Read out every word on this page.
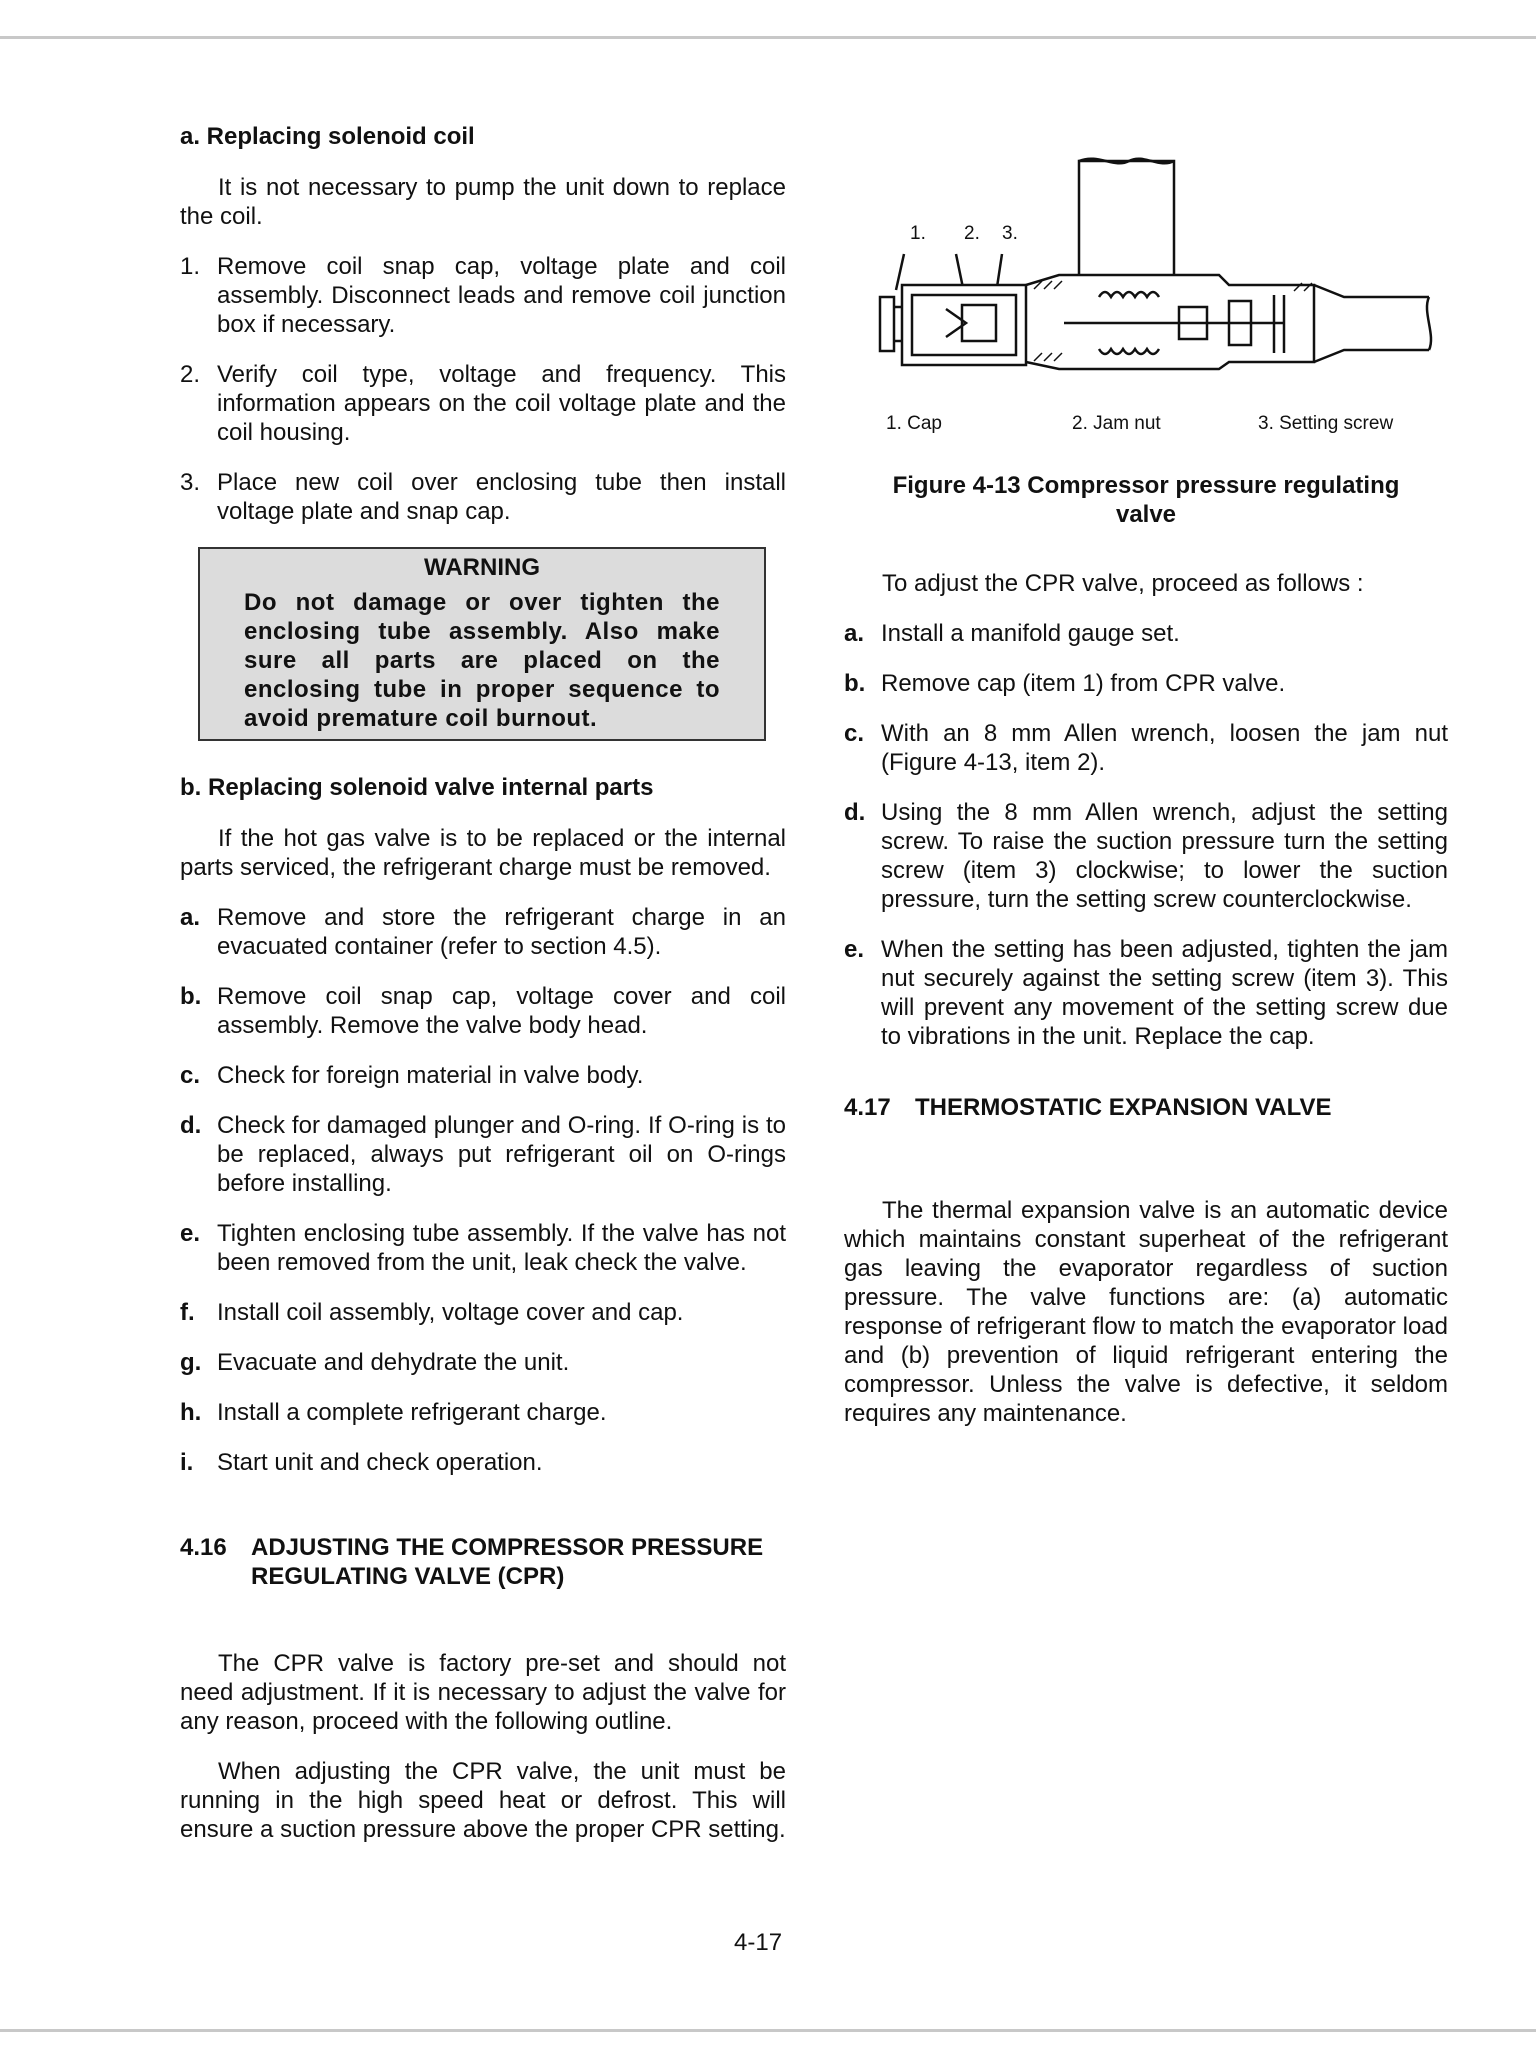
a. Replacing solenoid coil

It is not necessary to pump the unit down to replace the coil.

1. Remove coil snap cap, voltage plate and coil assembly. Disconnect leads and remove coil junction box if necessary.
2. Verify coil type, voltage and frequency. This information appears on the coil voltage plate and the coil housing.
3. Place new coil over enclosing tube then install voltage plate and snap cap.
WARNING
Do not damage or over tighten the enclosing tube assembly. Also make sure all parts are placed on the enclosing tube in proper sequence to avoid premature coil burnout.
b. Replacing solenoid valve internal parts

If the hot gas valve is to be replaced or the internal parts serviced, the refrigerant charge must be removed.

a. Remove and store the refrigerant charge in an evacuated container (refer to section 4.5).
b. Remove coil snap cap, voltage cover and coil assembly. Remove the valve body head.
c. Check for foreign material in valve body.
d. Check for damaged plunger and O-ring. If O-ring is to be replaced, always put refrigerant oil on O-rings before installing.
e. Tighten enclosing tube assembly. If the valve has not been removed from the unit, leak check the valve.
f. Install coil assembly, voltage cover and cap.
g. Evacuate and dehydrate the unit.
h. Install a complete refrigerant charge.
i. Start unit and check operation.
4.16	ADJUSTING THE COMPRESSOR PRESSURE REGULATING VALVE (CPR)

The CPR valve is factory pre-set and should not need adjustment. If it is necessary to adjust the valve for any reason, proceed with the following outline.

When adjusting the CPR valve, the unit must be running in the high speed heat or defrost. This will ensure a suction pressure above the proper CPR setting.

1. 2. 3.
1. Cap	2. Jam nut	3. Setting screw
Figure 4-13 Compressor pressure regulating valve

To adjust the CPR valve, proceed as follows :

a. Install a manifold gauge set.
b. Remove cap (item 1) from CPR valve.
c. With an 8 mm Allen wrench, loosen the jam nut (Figure 4-13, item 2).
d. Using the 8 mm Allen wrench, adjust the setting screw. To raise the suction pressure turn the setting screw (item 3) clockwise; to lower the suction pressure, turn the setting screw counterclockwise.
e. When the setting has been adjusted, tighten the jam nut securely against the setting screw (item 3). This will prevent any movement of the setting screw due to vibrations in the unit. Replace the cap.
4.17	THERMOSTATIC EXPANSION VALVE

The thermal expansion valve is an automatic device which maintains constant superheat of the refrigerant gas leaving the evaporator regardless of suction pressure. The valve functions are: (a) automatic response of refrigerant flow to match the evaporator load and (b) prevention of liquid refrigerant entering the compressor. Unless the valve is defective, it seldom requires any maintenance.

4-17
